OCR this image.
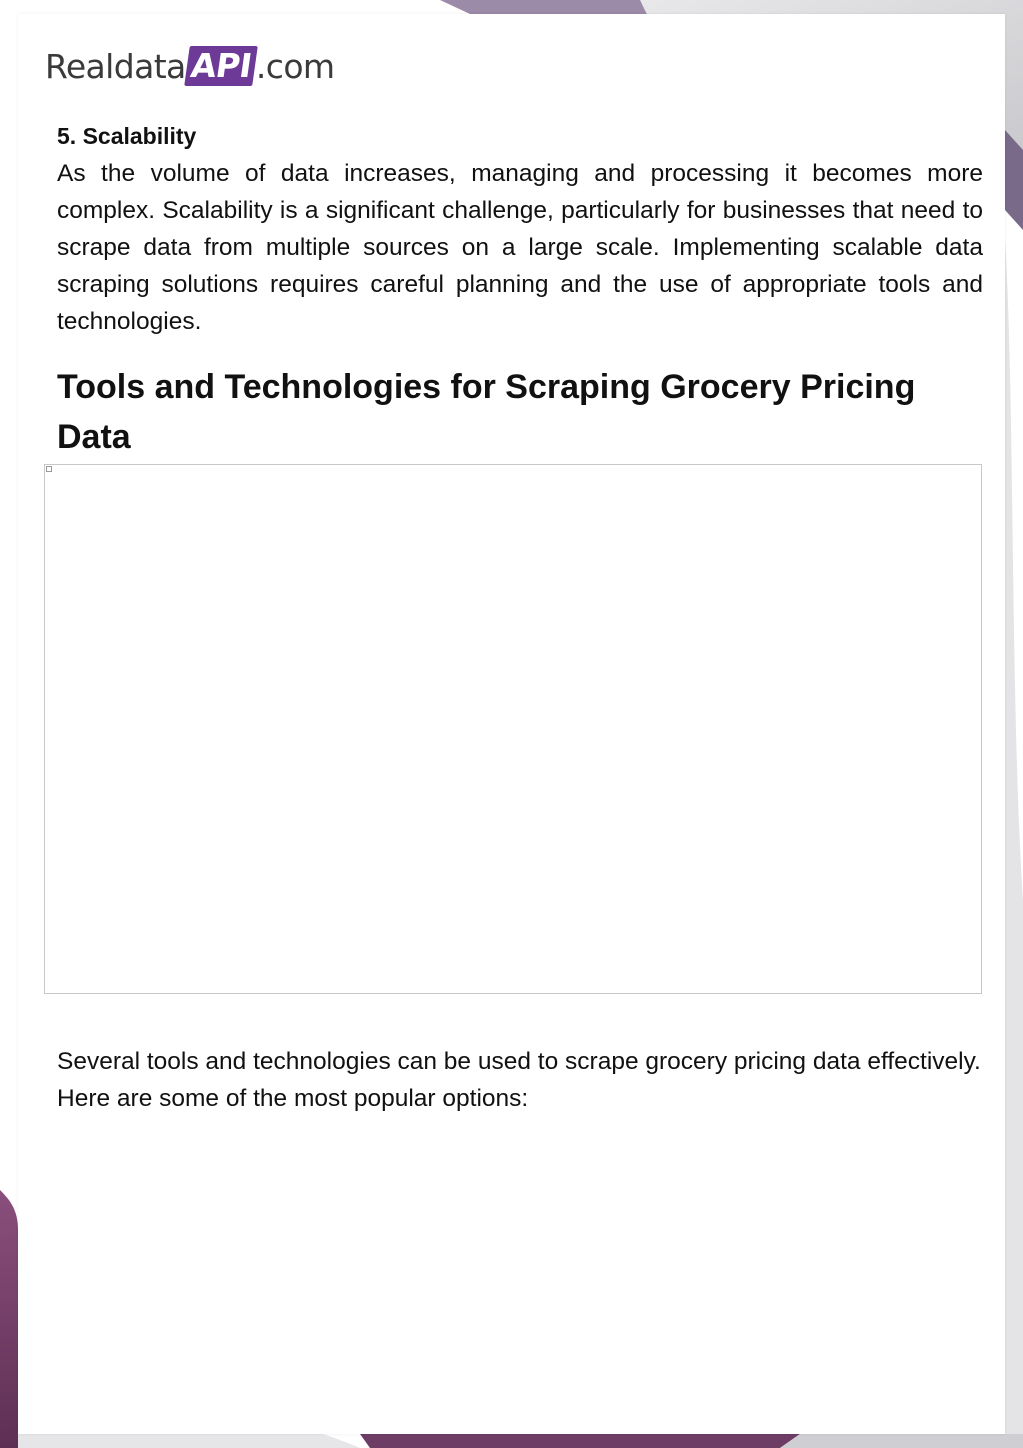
Realdata API .com
5. Scalability

As the volume of data increases, managing and processing it becomes more complex. Scalability is a significant challenge, particularly for businesses that need to scrape data from multiple sources on a large scale. Implementing scalable data scraping solutions requires careful planning and the use of appropriate tools and technologies.

Tools and Technologies for Scraping Grocery Pricing Data

Several tools and technologies can be used to scrape grocery pricing data effectively. Here are some of the most popular options:
